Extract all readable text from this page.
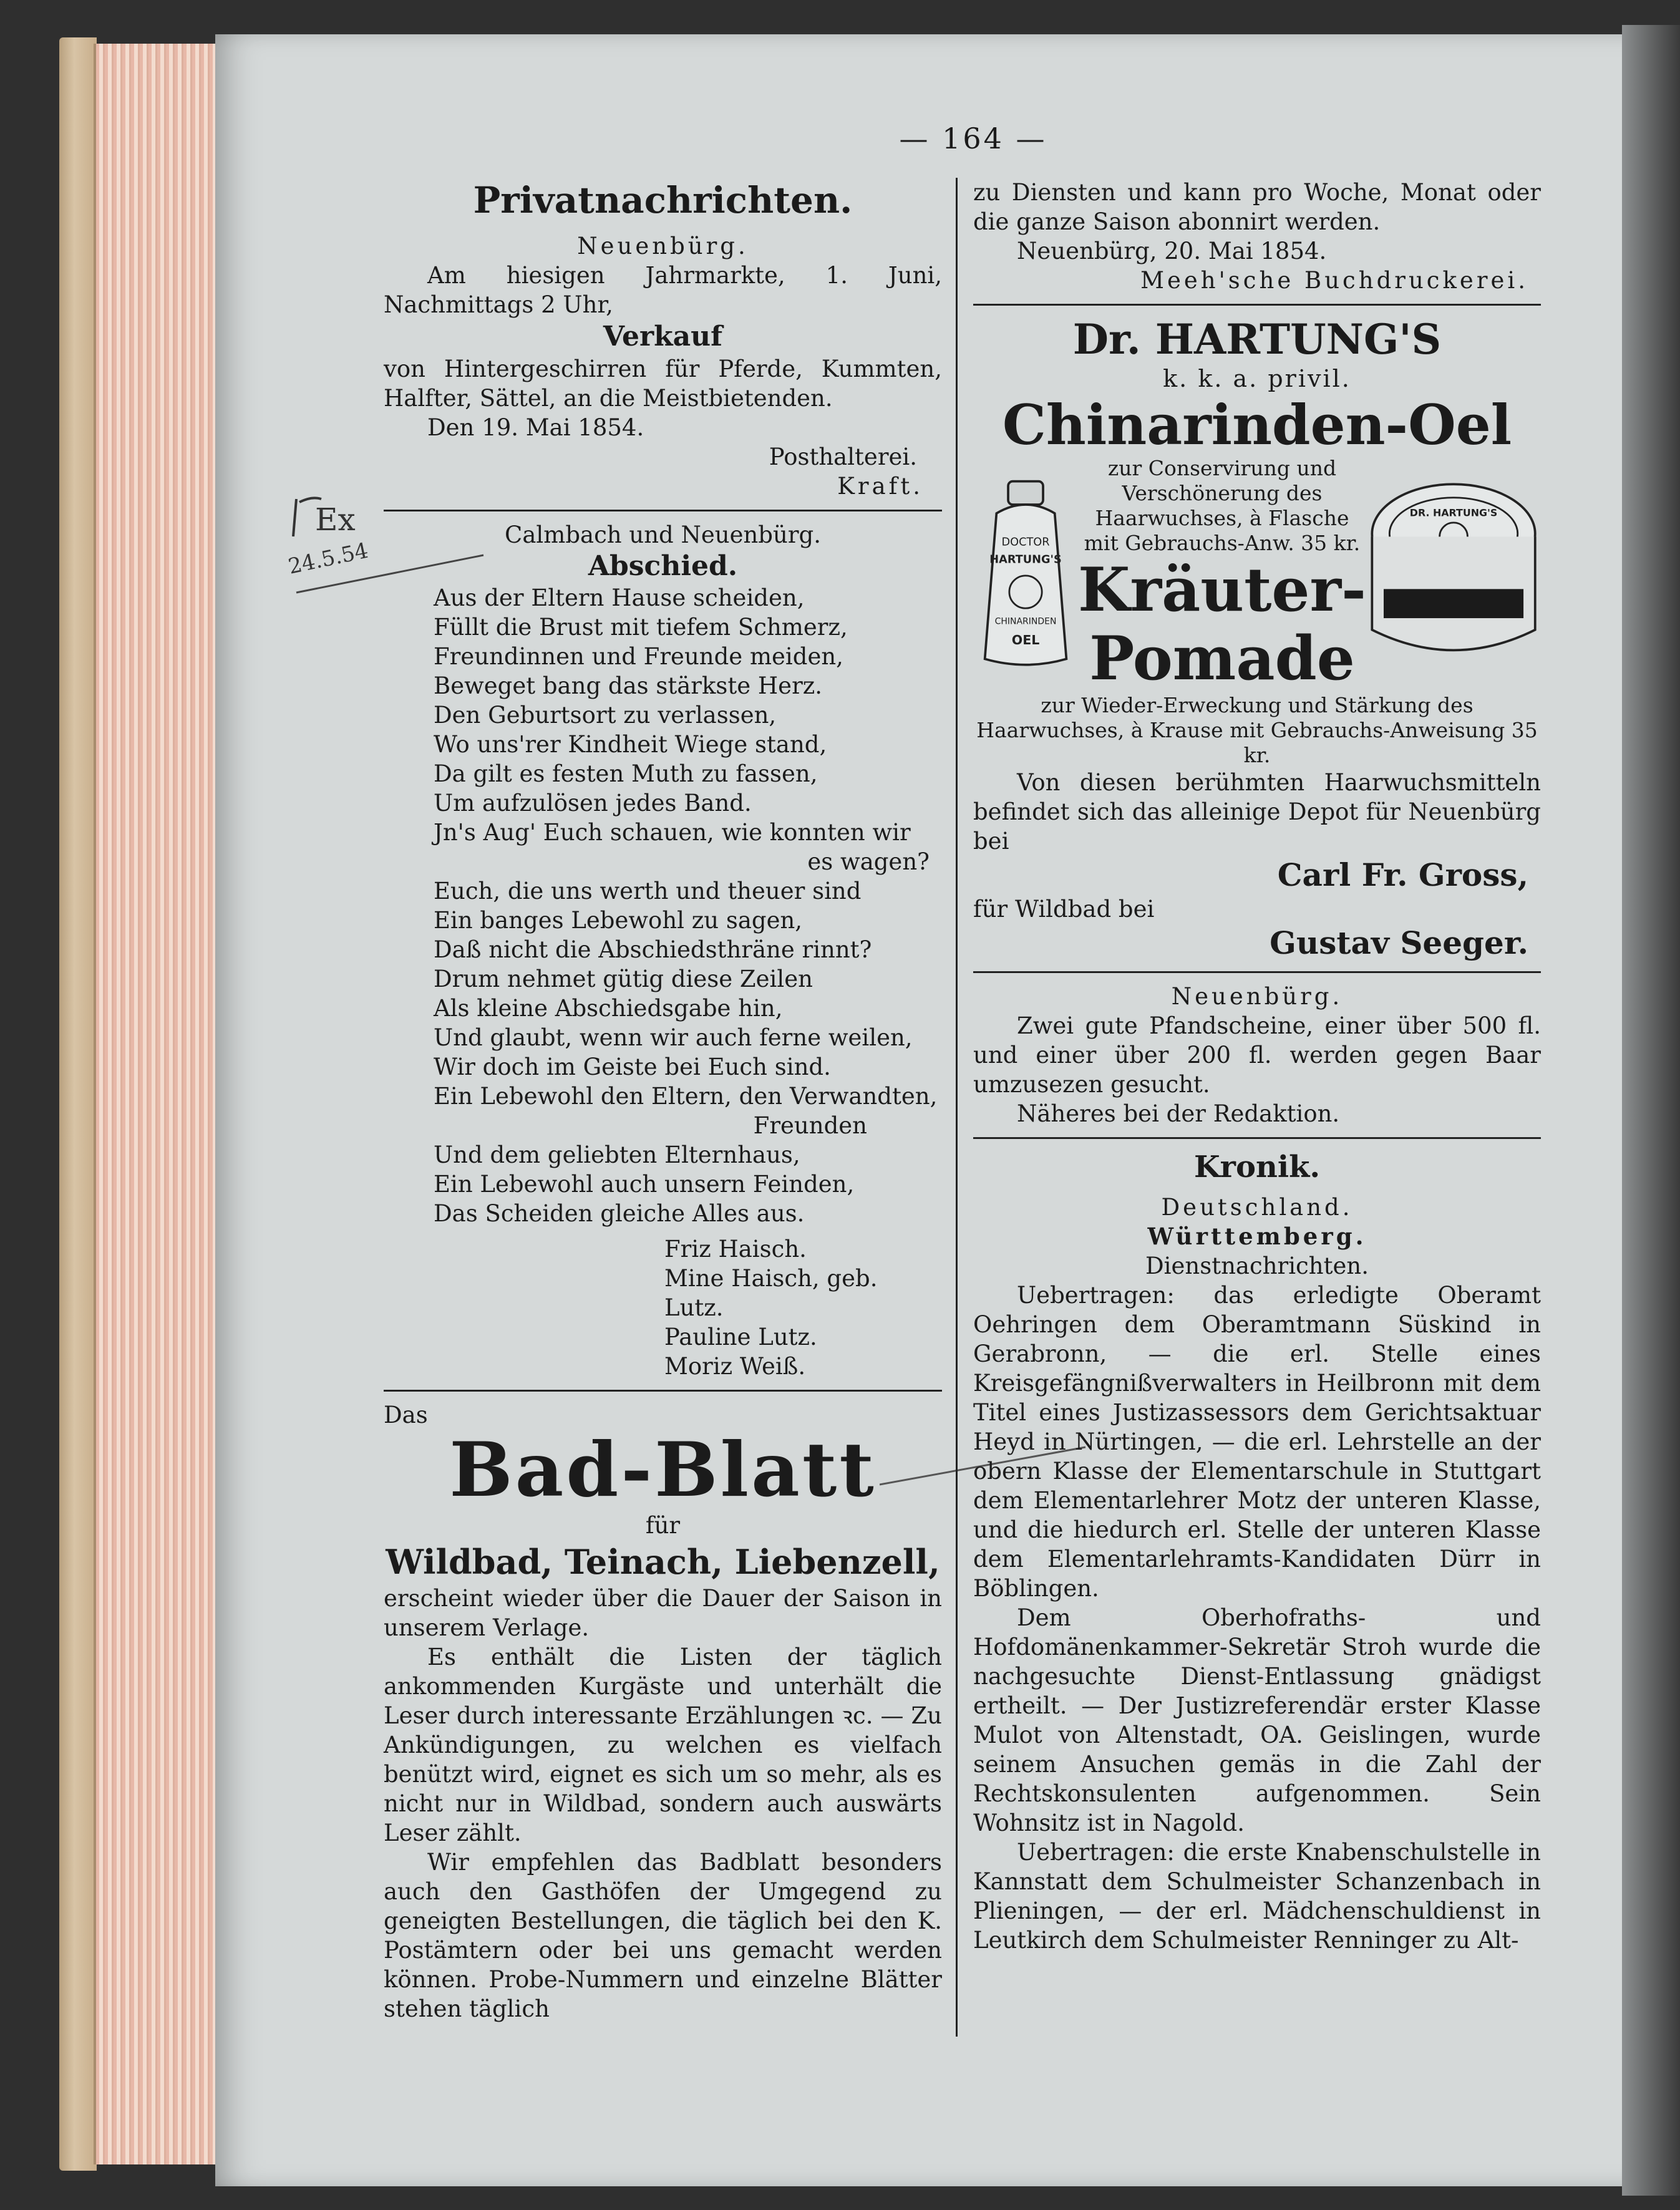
— 164 —
Ex
24.5.54
Privatnachrichten.
Neuenbürg.
Am hiesigen Jahrmarkte, 1. Juni, Nachmittags 2 Uhr,
Verkauf
von Hintergeschirren für Pferde, Kummten, Halfter, Sättel, an die Meistbietenden.
Den 19. Mai 1854.
Posthalterei.
Kraft.
Calmbach und Neuenbürg.
Abschied.
Aus der Eltern Hause scheiden,
Füllt die Brust mit tiefem Schmerz,
Freundinnen und Freunde meiden,
Beweget bang das stärkste Herz.
Den Geburtsort zu verlassen,
Wo uns'rer Kindheit Wiege stand,
Da gilt es festen Muth zu fassen,
Um aufzulösen jedes Band.
Jn's Aug' Euch schauen, wie konnten wir
es wagen?
Euch, die uns werth und theuer sind
Ein banges Lebewohl zu sagen,
Daß nicht die Abschiedsthräne rinnt?
Drum nehmet gütig diese Zeilen
Als kleine Abschiedsgabe hin,
Und glaubt, wenn wir auch ferne weilen,
Wir doch im Geiste bei Euch sind.
Ein Lebewohl den Eltern, den Verwandten,
Freunden
Und dem geliebten Elternhaus,
Ein Lebewohl auch unsern Feinden,
Das Scheiden gleiche Alles aus.
Friz Haisch.
Mine Haisch, geb. Lutz.
Pauline Lutz.
Moriz Weiß.
Das
Bad-Blatt
für
Wildbad, Teinach, Liebenzell,
erscheint wieder über die Dauer der Saison in unserem Verlage.
Es enthält die Listen der täglich ankommenden Kurgäste und unterhält die Leser durch interessante Erzählungen ꝛc. — Zu Ankündigungen, zu welchen es vielfach benützt wird, eignet es sich um so mehr, als es nicht nur in Wildbad, sondern auch auswärts Leser zählt.
Wir empfehlen das Badblatt besonders auch den Gasthöfen der Umgegend zu geneigten Bestellungen, die täglich bei den K. Postämtern oder bei uns gemacht werden können. Probe-Nummern und einzelne Blätter stehen täglich
zu Diensten und kann pro Woche, Monat oder die ganze Saison abonnirt werden.
Neuenbürg, 20. Mai 1854.
Meeh'sche Buchdruckerei.
Dr. HARTUNG'S
k. k. a. privil.
Chinarinden-Oel
DOCTOR
HARTUNG'S
CHINARINDEN
OEL
zur Conservirung und Verschönerung des Haarwuchses, à Flasche mit Gebrauchs-Anw. 35 kr.
Kräuter-
Pomade
DR. HARTUNG'S
zur Wieder-Erweckung und Stärkung des Haarwuchses, à Krause mit Gebrauchs-Anweisung 35 kr.
Von diesen berühmten Haarwuchsmitteln befindet sich das alleinige Depot für Neuenbürg bei
Carl Fr. Gross,
für Wildbad bei
Gustav Seeger.
Neuenbürg.
Zwei gute Pfandscheine, einer über 500 fl. und einer über 200 fl. werden gegen Baar umzusezen gesucht.
Näheres bei der Redaktion.
Kronik.
Deutschland.
Württemberg.
Dienstnachrichten.
Uebertragen: das erledigte Oberamt Oehringen dem Oberamtmann Süskind in Gerabronn, — die erl. Stelle eines Kreisgefängnißverwalters in Heilbronn mit dem Titel eines Justizassessors dem Gerichtsaktuar Heyd in Nürtingen, — die erl. Lehrstelle an der obern Klasse der Elementarschule in Stuttgart dem Elementarlehrer Motz der unteren Klasse, und die hiedurch erl. Stelle der unteren Klasse dem Elementarlehramts-Kandidaten Dürr in Böblingen.
Dem Oberhofraths- und Hofdomänenkammer-Sekretär Stroh wurde die nachgesuchte Dienst-Entlassung gnädigst ertheilt. — Der Justizreferendär erster Klasse Mulot von Altenstadt, OA. Geislingen, wurde seinem Ansuchen gemäs in die Zahl der Rechtskonsulenten aufgenommen. Sein Wohnsitz ist in Nagold.
Uebertragen: die erste Knabenschulstelle in Kannstatt dem Schulmeister Schanzenbach in Plieningen, — der erl. Mädchenschuldienst in Leutkirch dem Schulmeister Renninger zu Alt-
